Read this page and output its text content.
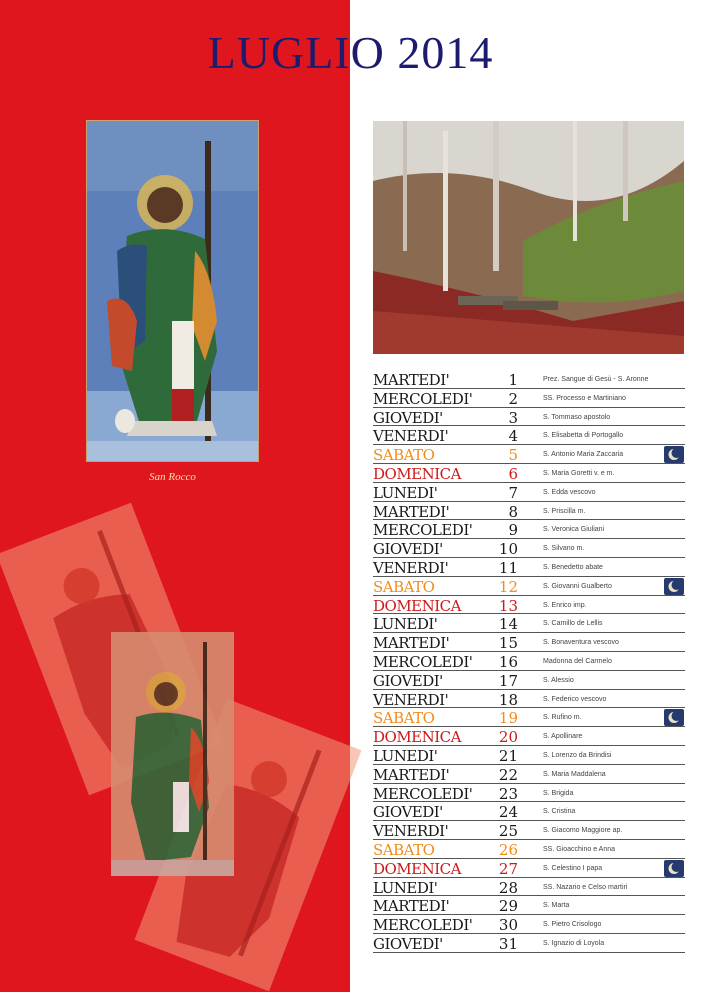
LUGLIO 2014
San Rocco
MARTEDI'	1	Prez. Sangue di Gesù - S. Aronne
MERCOLEDI'	2	SS. Processo e Martiniano
GIOVEDI'	3	S. Tommaso apostolo
VENERDI'	4	S. Elisabetta di Portogallo
SABATO	5	S. Antonio Maria Zaccaria
DOMENICA	6	S. Maria Goretti v. e m.
LUNEDI'	7	S. Edda vescovo
MARTEDI'	8	S. Priscilla m.
MERCOLEDI'	9	S. Veronica Giuliani
GIOVEDI'	10	S. Silvano m.
VENERDI'	11	S. Benedetto abate
SABATO	12	S. Giovanni Gualberto
DOMENICA	13	S. Enrico imp.
LUNEDI'	14	S. Camillo de Lellis
MARTEDI'	15	S. Bonaventura vescovo
MERCOLEDI'	16	Madonna del Carmelo
GIOVEDI'	17	S. Alessio
VENERDI'	18	S. Federico vescovo
SABATO	19	S. Rufino m.
DOMENICA	20	S. Apollinare
LUNEDI'	21	S. Lorenzo da Brindisi
MARTEDI'	22	S. Maria Maddalena
MERCOLEDI'	23	S. Brigida
GIOVEDI'	24	S. Cristina
VENERDI'	25	S. Giacomo Maggiore ap.
SABATO	26	SS. Gioacchino e Anna
DOMENICA	27	S. Celestino I papa
LUNEDI'	28	SS. Nazario e Celso martiri
MARTEDI'	29	S. Marta
MERCOLEDI'	30	S. Pietro Crisologo
GIOVEDI'	31	S. Ignazio di Loyola
